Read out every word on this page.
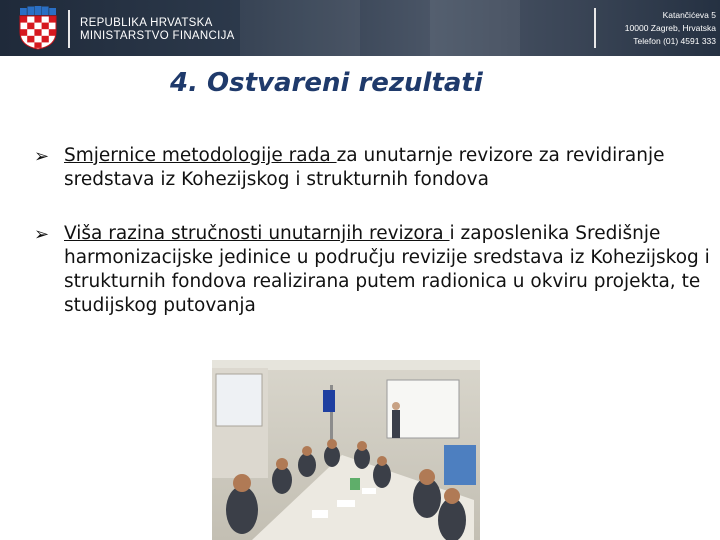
REPUBLIKA HRVATSKA
MINISTARSTVO FINANCIJA
Katančićeva 5
10000 Zagreb, Hrvatska
Telefon (01) 4591 333
4. Ostvareni rezultati
➢ Smjernice metodologije rada za unutarnje revizore za revidiranje sredstava iz Kohezijskog i strukturnih fondova
➢ Viša razina stručnosti unutarnjih revizora i zaposlenika Središnje harmonizacijske jedinice u području revizije sredstava iz Kohezijskog i strukturnih fondova realizirana putem radionica u okviru projekta, te studijskog putovanja
